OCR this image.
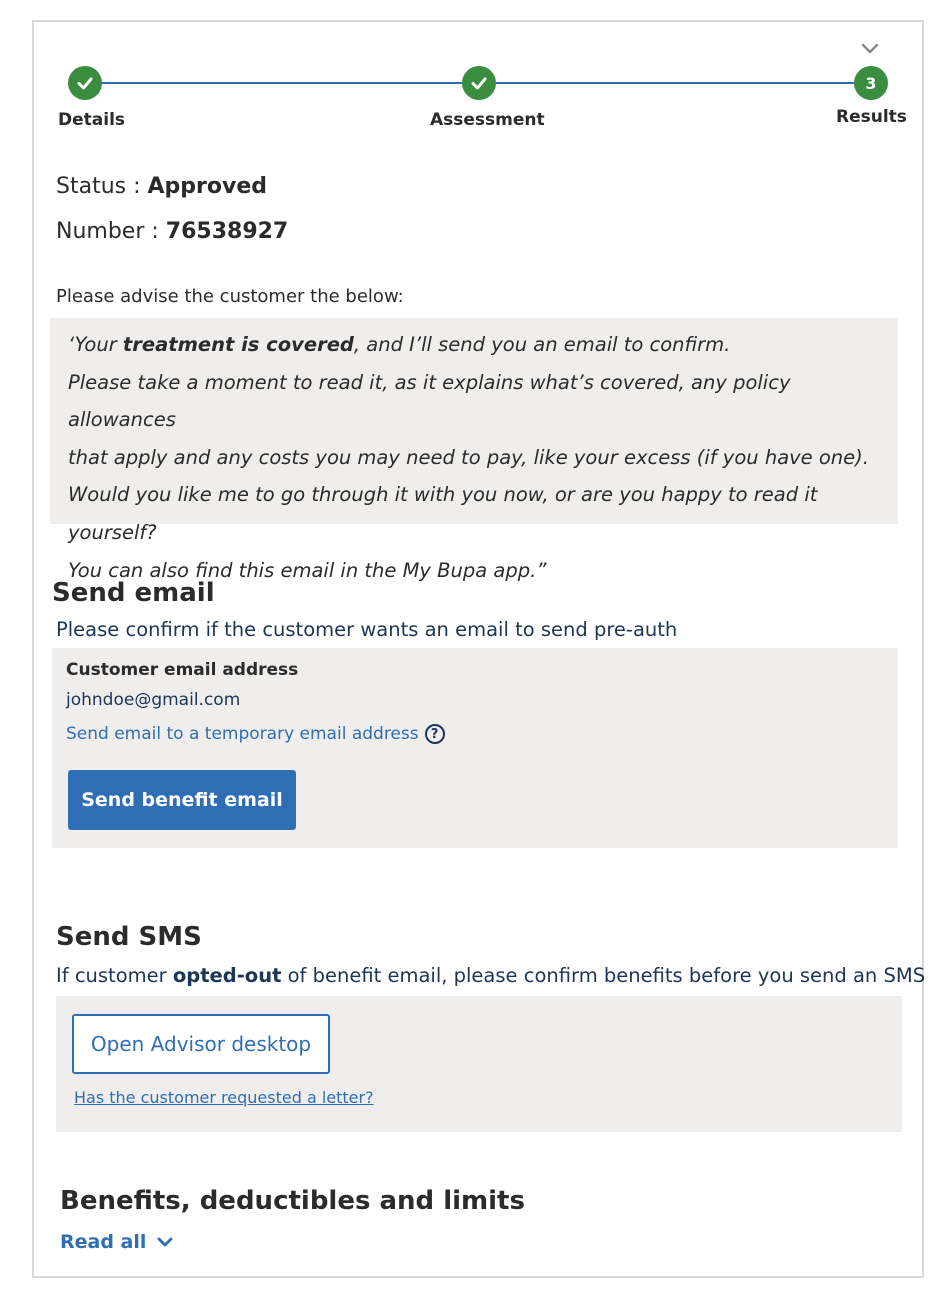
3
Details	Assessment	Results
Status : Approved
Number : 76538927
Please advise the customer the below:
‘Your treatment is covered, and I’ll send you an email to confirm.
Please take a moment to read it, as it explains what’s covered, any policy allowances
that apply and any costs you may need to pay, like your excess (if you have one).
Would you like me to go through it with you now, or are you happy to read it yourself?
You can also find this email in the My Bupa app.”
Send email
Please confirm if the customer wants an email to send pre-auth
Customer email address
johndoe@gmail.com
Send email to a temporary email address ?
Send benefit email
Send SMS
If customer opted-out of benefit email, please confirm benefits before you send an SMS
Open Advisor desktop
Has the customer requested a letter?
Benefits, deductibles and limits
Read all
